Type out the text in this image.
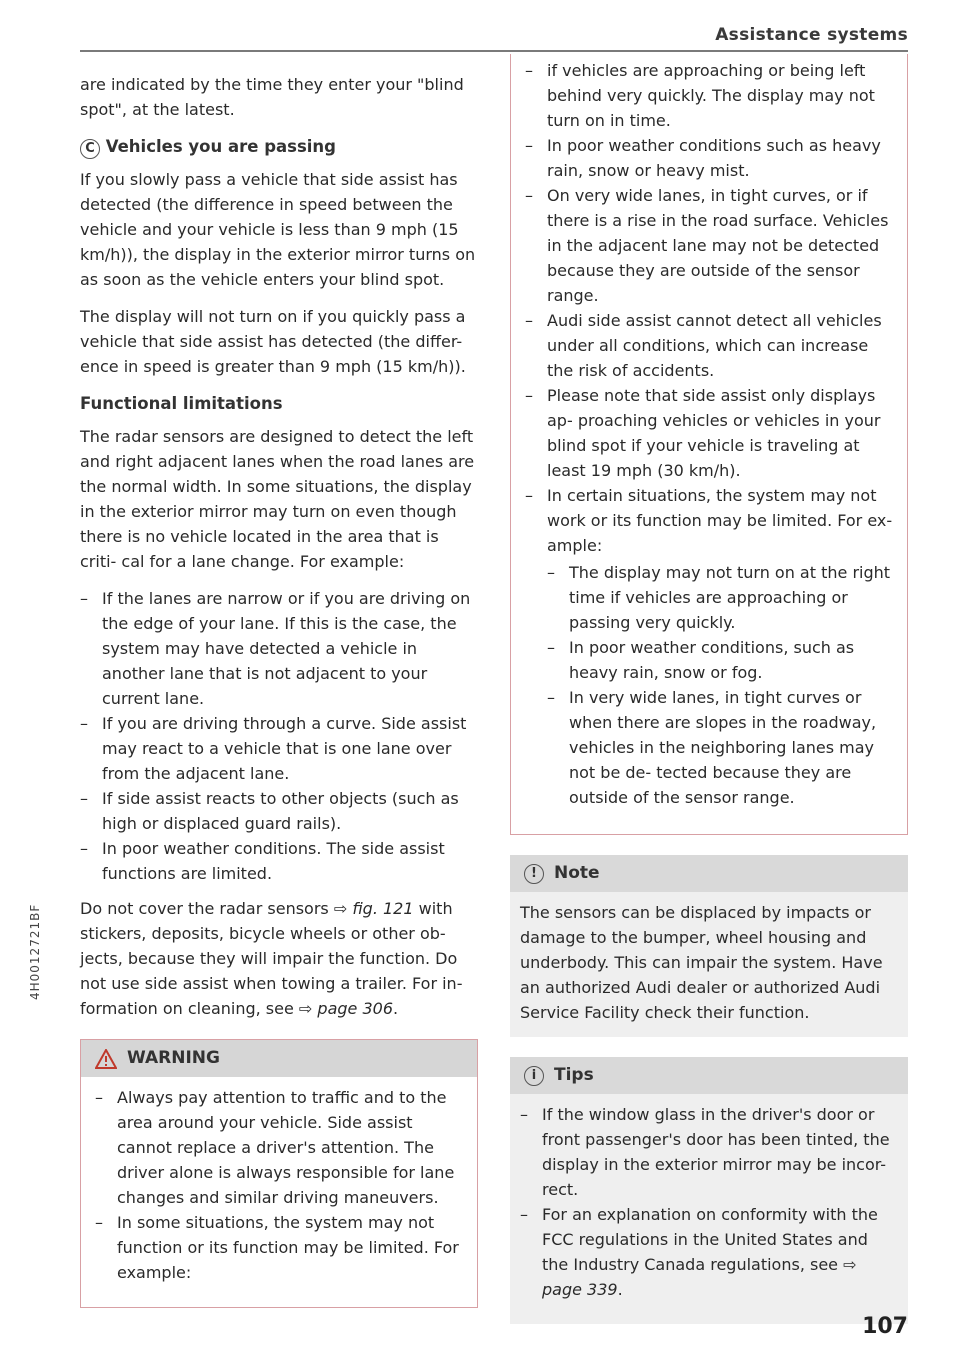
Assistance systems

are indicated by the time they enter your "blind spot", at the latest.

C Vehicles you are passing

If you slowly pass a vehicle that side assist has detected (the difference in speed between the vehicle and your vehicle is less than 9 mph (15 km/h)), the display in the exterior mirror turns on as soon as the vehicle enters your blind spot.

The display will not turn on if you quickly pass a vehicle that side assist has detected (the differ- ence in speed is greater than 9 mph (15 km/h)).

Functional limitations

The radar sensors are designed to detect the left and right adjacent lanes when the road lanes are the normal width. In some situations, the display in the exterior mirror may turn on even though there is no vehicle located in the area that is criti- cal for a lane change. For example:

– If the lanes are narrow or if you are driving on the edge of your lane. If this is the case, the system may have detected a vehicle in another lane that is not adjacent to your current lane.
– If you are driving through a curve. Side assist may react to a vehicle that is one lane over from the adjacent lane.
– If side assist reacts to other objects (such as high or displaced guard rails).
– In poor weather conditions. The side assist functions are limited.

Do not cover the radar sensors ⇨ fig. 121 with stickers, deposits, bicycle wheels or other ob- jects, because they will impair the function. Do not use side assist when towing a trailer. For in- formation on cleaning, see ⇨ page 306.

WARNING
– Always pay attention to traffic and to the area around your vehicle. Side assist cannot replace a driver's attention. The driver alone is always responsible for lane changes and similar driving maneuvers.
– In some situations, the system may not function or its function may be limited. For example:
– if vehicles are approaching or being left behind very quickly. The display may not turn on in time.
– In poor weather conditions such as heavy rain, snow or heavy mist.
– On very wide lanes, in tight curves, or if there is a rise in the road surface. Vehicles in the adjacent lane may not be detected because they are outside of the sensor range.
– Audi side assist cannot detect all vehicles under all conditions, which can increase the risk of accidents.
– Please note that side assist only displays ap- proaching vehicles or vehicles in your blind spot if your vehicle is traveling at least 19 mph (30 km/h).
– In certain situations, the system may not work or its function may be limited. For ex- ample:
– The display may not turn on at the right time if vehicles are approaching or passing very quickly.
– In poor weather conditions, such as heavy rain, snow or fog.
– In very wide lanes, in tight curves or when there are slopes in the roadway, vehicles in the neighboring lanes may not be de- tected because they are outside of the sensor range.
!	Note
The sensors can be displaced by impacts or damage to the bumper, wheel housing and underbody. This can impair the system. Have an authorized Audi dealer or authorized Audi Service Facility check their function.
i	Tips
– If the window glass in the driver's door or front passenger's door has been tinted, the display in the exterior mirror may be incor- rect.
– For an explanation on conformity with the FCC regulations in the United States and the Industry Canada regulations, see ⇨ page 339.
4H0012721BF
107
